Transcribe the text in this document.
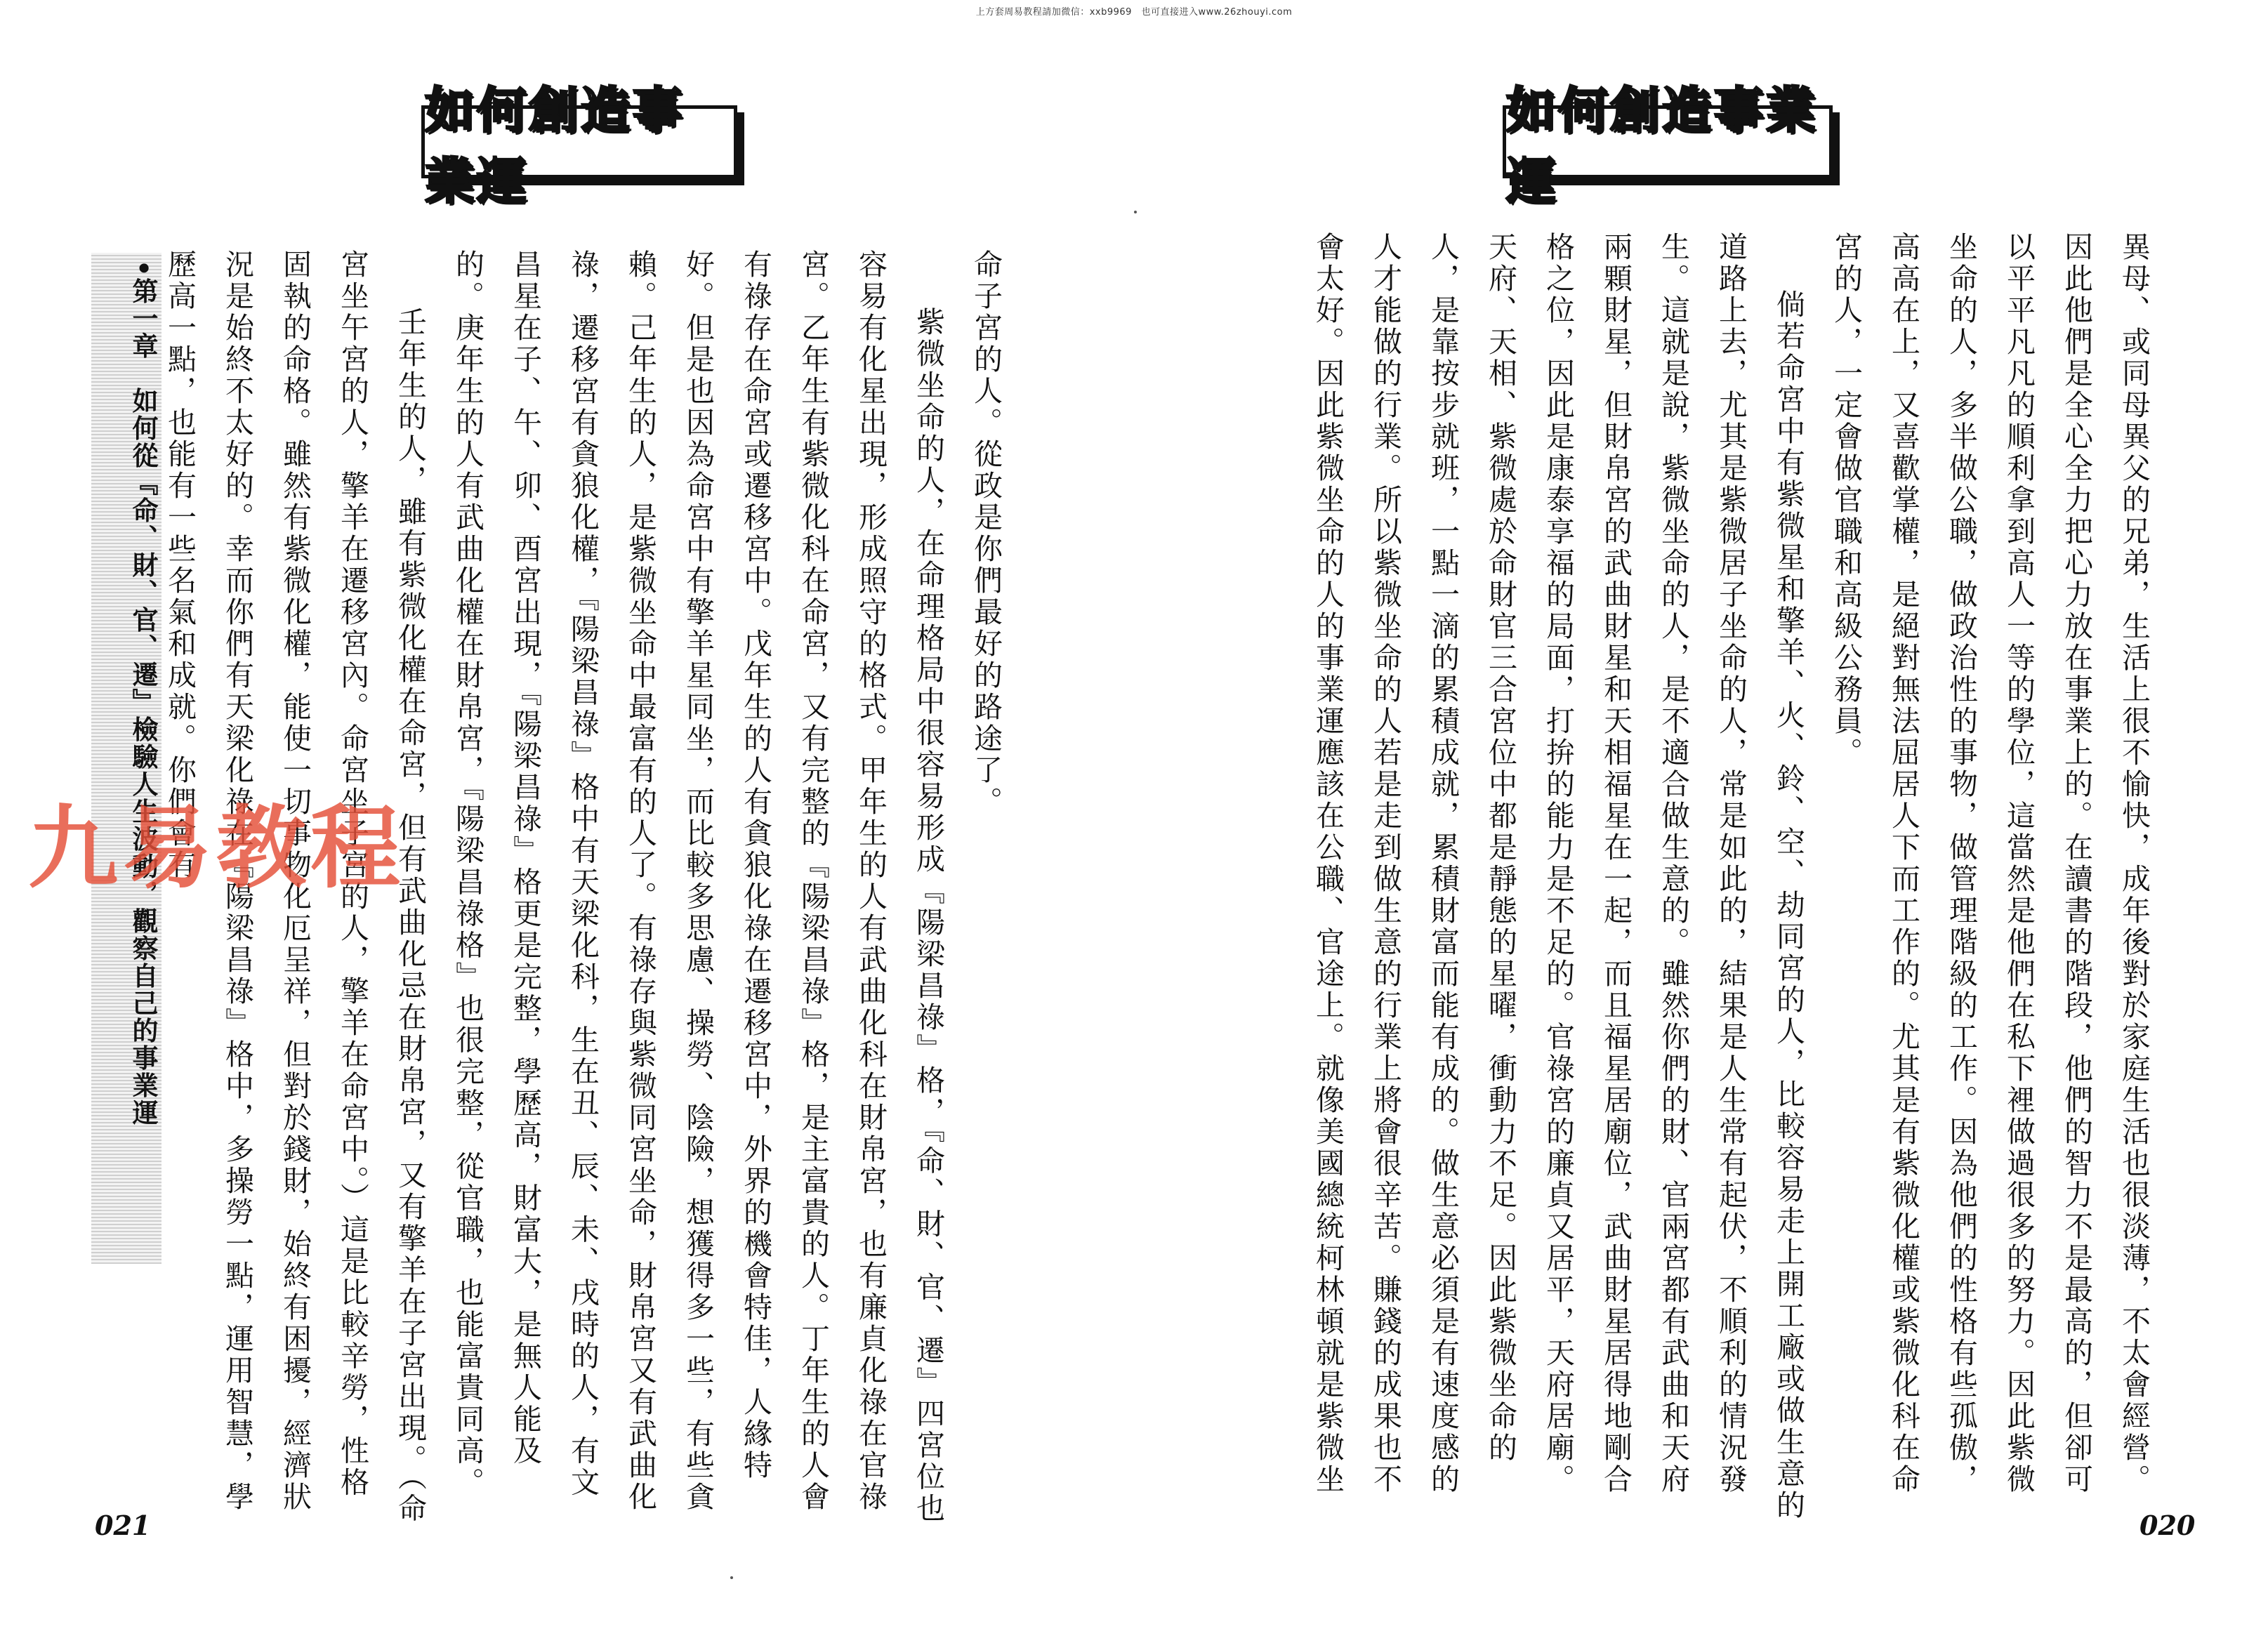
上方套周易教程請加微信：xxb9969　也可直接进入www.26zhouyi.com
如何創造事業運

命子宮的人。從政是你們最好的路途了。

紫微坐命的人，在命理格局中很容易形成『陽梁昌祿』格，『命、財、官、遷』四宮位也容易有化星出現，形成照守的格式。甲年生的人有武曲化科在財帛宮，也有廉貞化祿在官祿宮。乙年生有紫微化科在命宮，又有完整的『陽梁昌祿』格，是主富貴的人。丁年生的人會有祿存在命宮或遷移宮中。戊年生的人有貪狼化祿在遷移宮中，外界的機會特佳，人緣特好。但是也因為命宮中有擎羊星同坐，而比較多思慮、操勞、陰險，想獲得多一些，有些貪賴。己年生的人，是紫微坐命中最富有的人了。有祿存與紫微同宮坐命，財帛宮又有武曲化祿，遷移宮有貪狼化權，『陽梁昌祿』格中有天梁化科，生在丑、辰、未、戌時的人，有文昌星在子、午、卯、酉宮出現，『陽梁昌祿』格更是完整，學歷高，財富大，是無人能及的。庚年生的人有武曲化權在財帛宮，『陽梁昌祿格』也很完整，從官職，也能富貴同高。

壬年生的人，雖有紫微化權在命宮，但有武曲化忌在財帛宮，又有擎羊在子宮出現。（命宮坐午宮的人，擎羊在遷移宮內。命宮坐子宮的人，擎羊在命宮中。）這是比較辛勞，性格固執的命格。雖然有紫微化權，能使一切事物化厄呈祥，但對於錢財，始終有困擾，經濟狀況是始終不太好的。幸而你們有天梁化祿在『陽梁昌祿』格中，多操勞一點，運用智慧，學歷高一點，也能有一些名氣和成就。你們會有

•第一章　如何從『命、財、官、遷』檢驗人生波動，觀察自己的事業運
021
如何創造事業運

異母、或同母異父的兄弟，生活上很不愉快，成年後對於家庭生活也很淡薄，不太會經營。因此他們是全心全力把心力放在事業上的。在讀書的階段，他們的智力不是最高的，但卻可以平平凡凡的順利拿到高人一等的學位，這當然是他們在私下裡做過很多的努力。因此紫微坐命的人，多半做公職，做政治性的事物，做管理階級的工作。因為他們的性格有些孤傲，高高在上，又喜歡掌權，是絕對無法屈居人下而工作的。尤其是有紫微化權或紫微化科在命宮的人，一定會做官職和高級公務員。

倘若命宮中有紫微星和擎羊、火、鈴、空、劫同宮的人，比較容易走上開工廠或做生意的道路上去，尤其是紫微居子坐命的人，常是如此的，結果是人生常有起伏，不順利的情況發生。這就是說，紫微坐命的人，是不適合做生意的。雖然你們的財、官兩宮都有武曲和天府兩顆財星，但財帛宮的武曲財星和天相福星在一起，而且福星居廟位，武曲財星居得地剛合格之位，因此是康泰享福的局面，打拚的能力是不足的。官祿宮的廉貞又居平，天府居廟。天府、天相、紫微處於命財官三合宮位中都是靜態的星曜，衝動力不足。因此紫微坐命的人，是靠按步就班，一點一滴的累積成就，累積財富而能有成的。做生意必須是有速度感的人才能做的行業。所以紫微坐命的人若是走到做生意的行業上將會很辛苦。賺錢的成果也不會太好。因此紫微坐命的人的事業運應該在公職、官途上。就像美國總統柯林頓就是紫微坐

020
九易教程
